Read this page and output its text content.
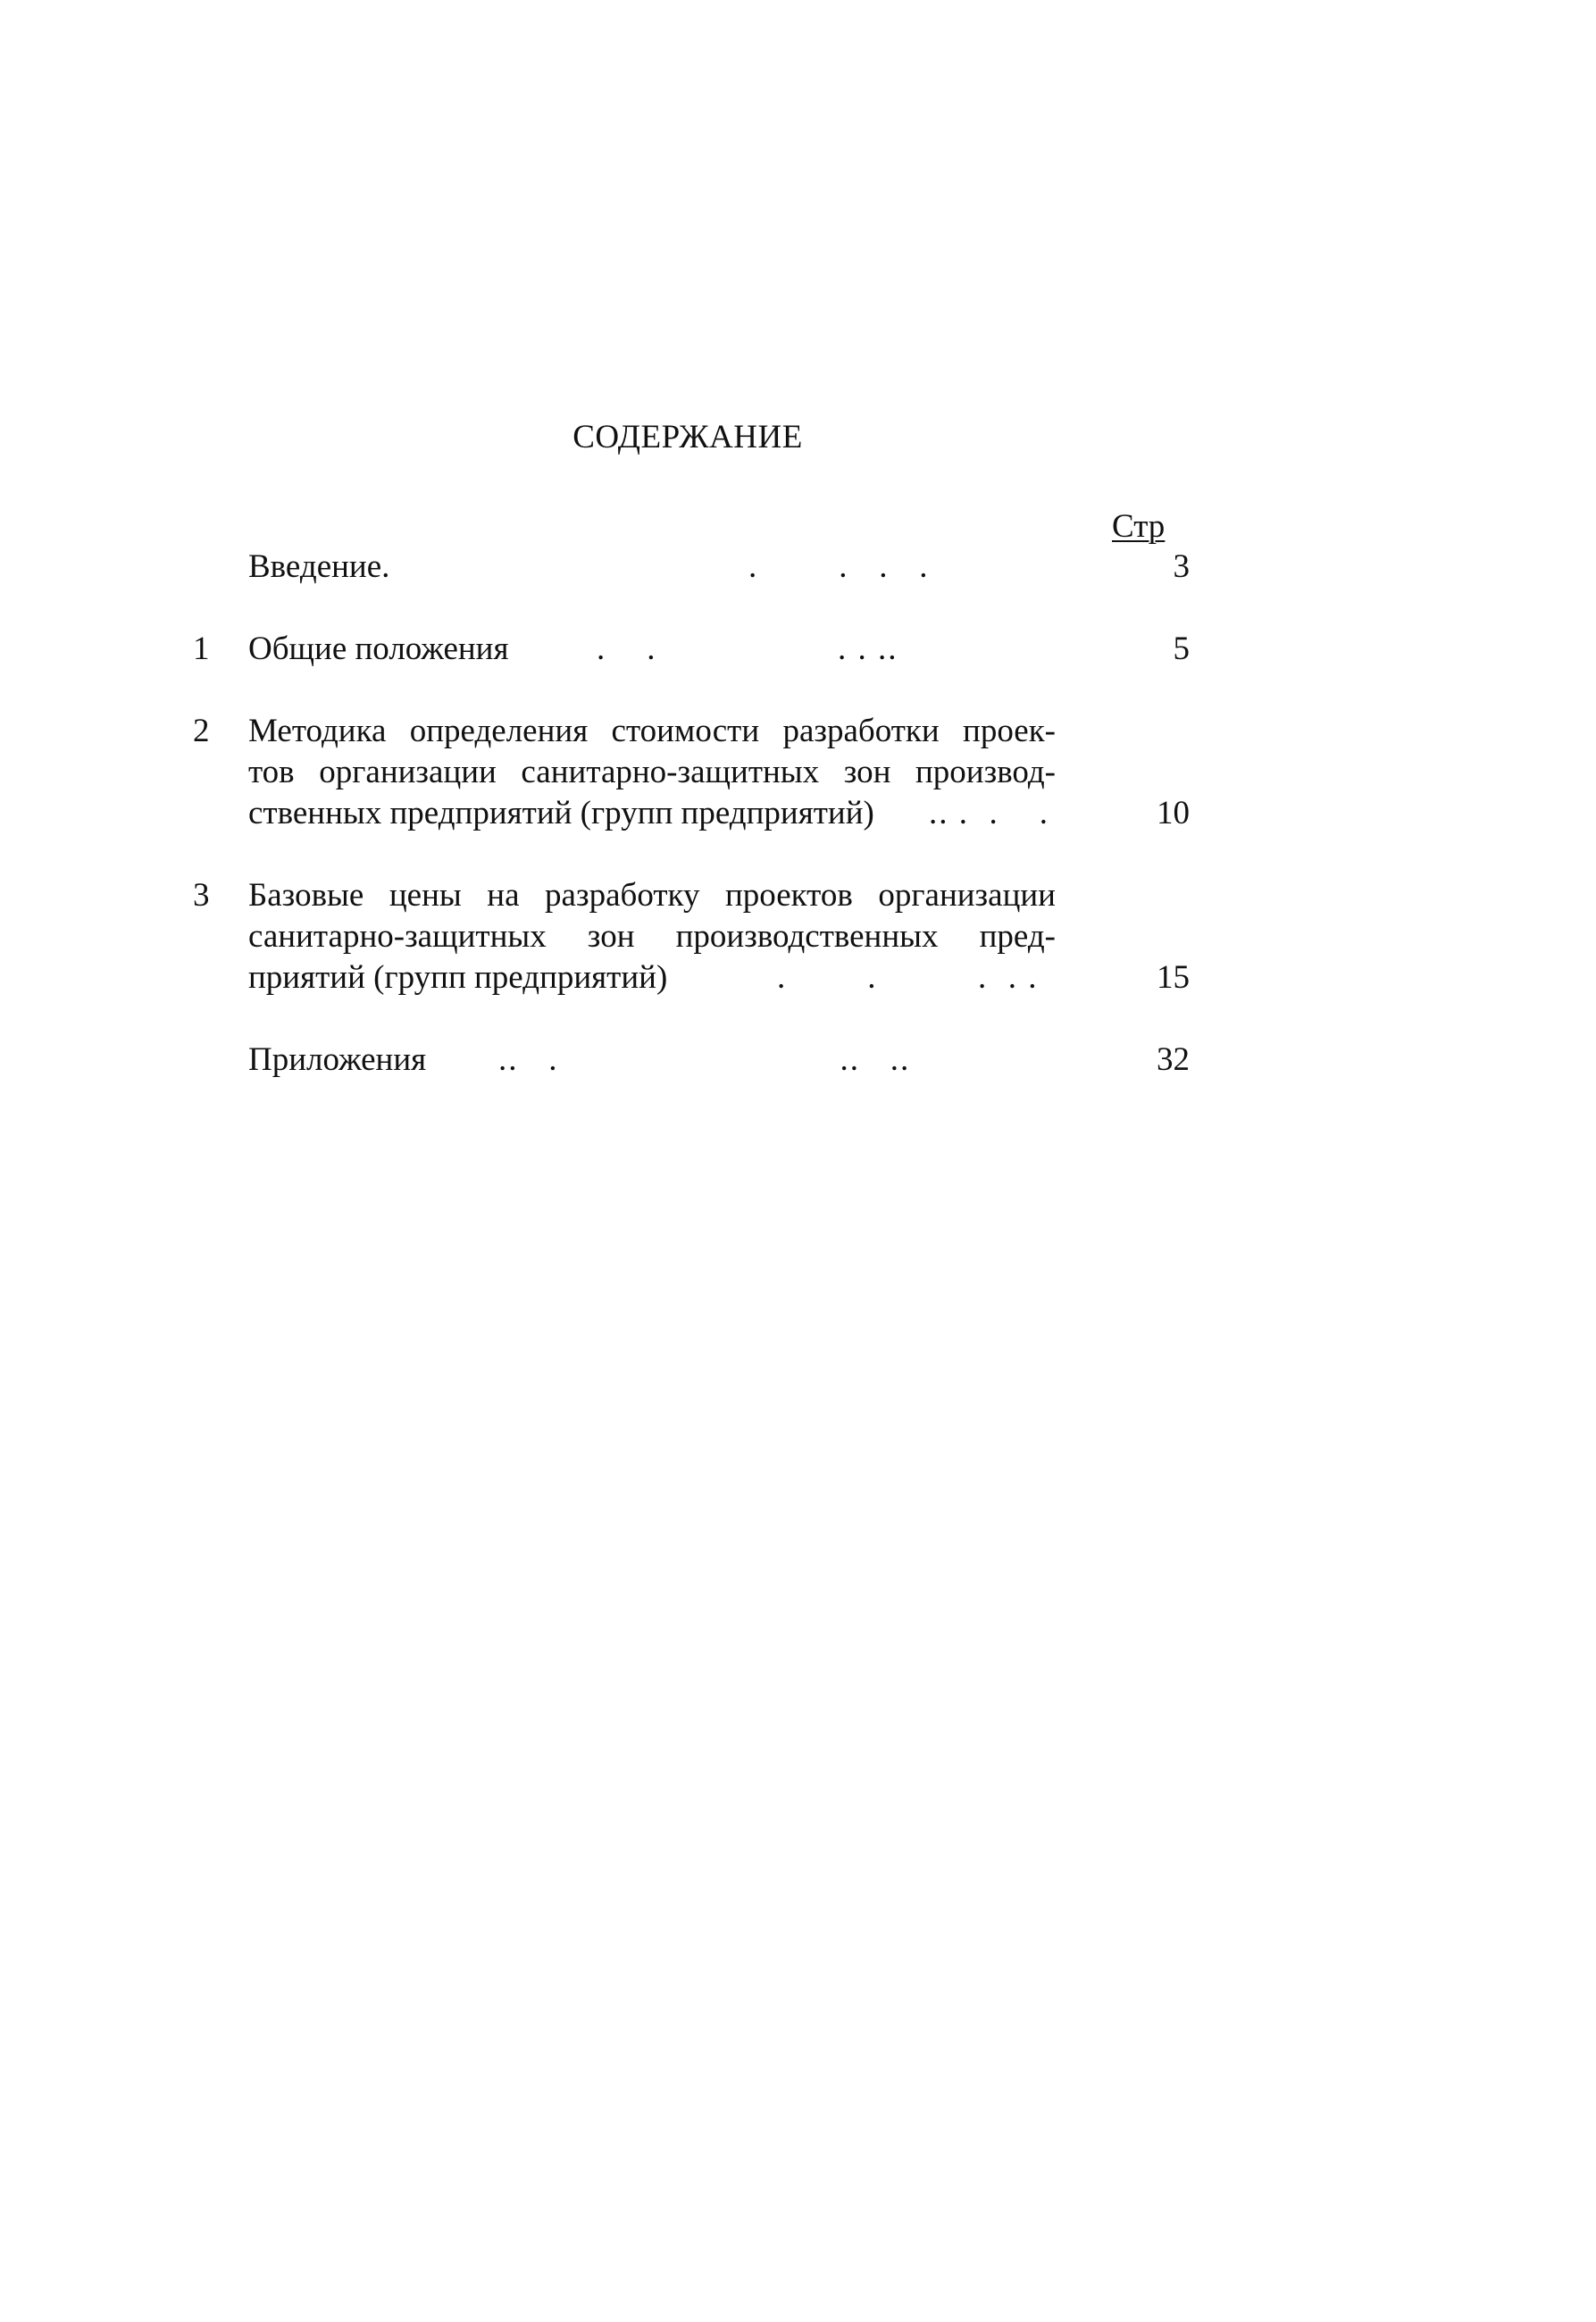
СОДЕРЖАНИЕ
Стр
Введение.	.        .   .   .	3
1 Общие положения	.    .                  . . ..	5
2 Методика определения стоимости разработки проек-
тов организации санитарно-защитных зон производ-
ственных предприятий (групп предприятий)	.. .  .    .	10
3 Базовые цены на разработку проектов организации
санитарно-защитных зон производственных пред-
приятий (групп предприятий)	.        .          .  . .	15
Приложения	..   .                            ..   ..	32
